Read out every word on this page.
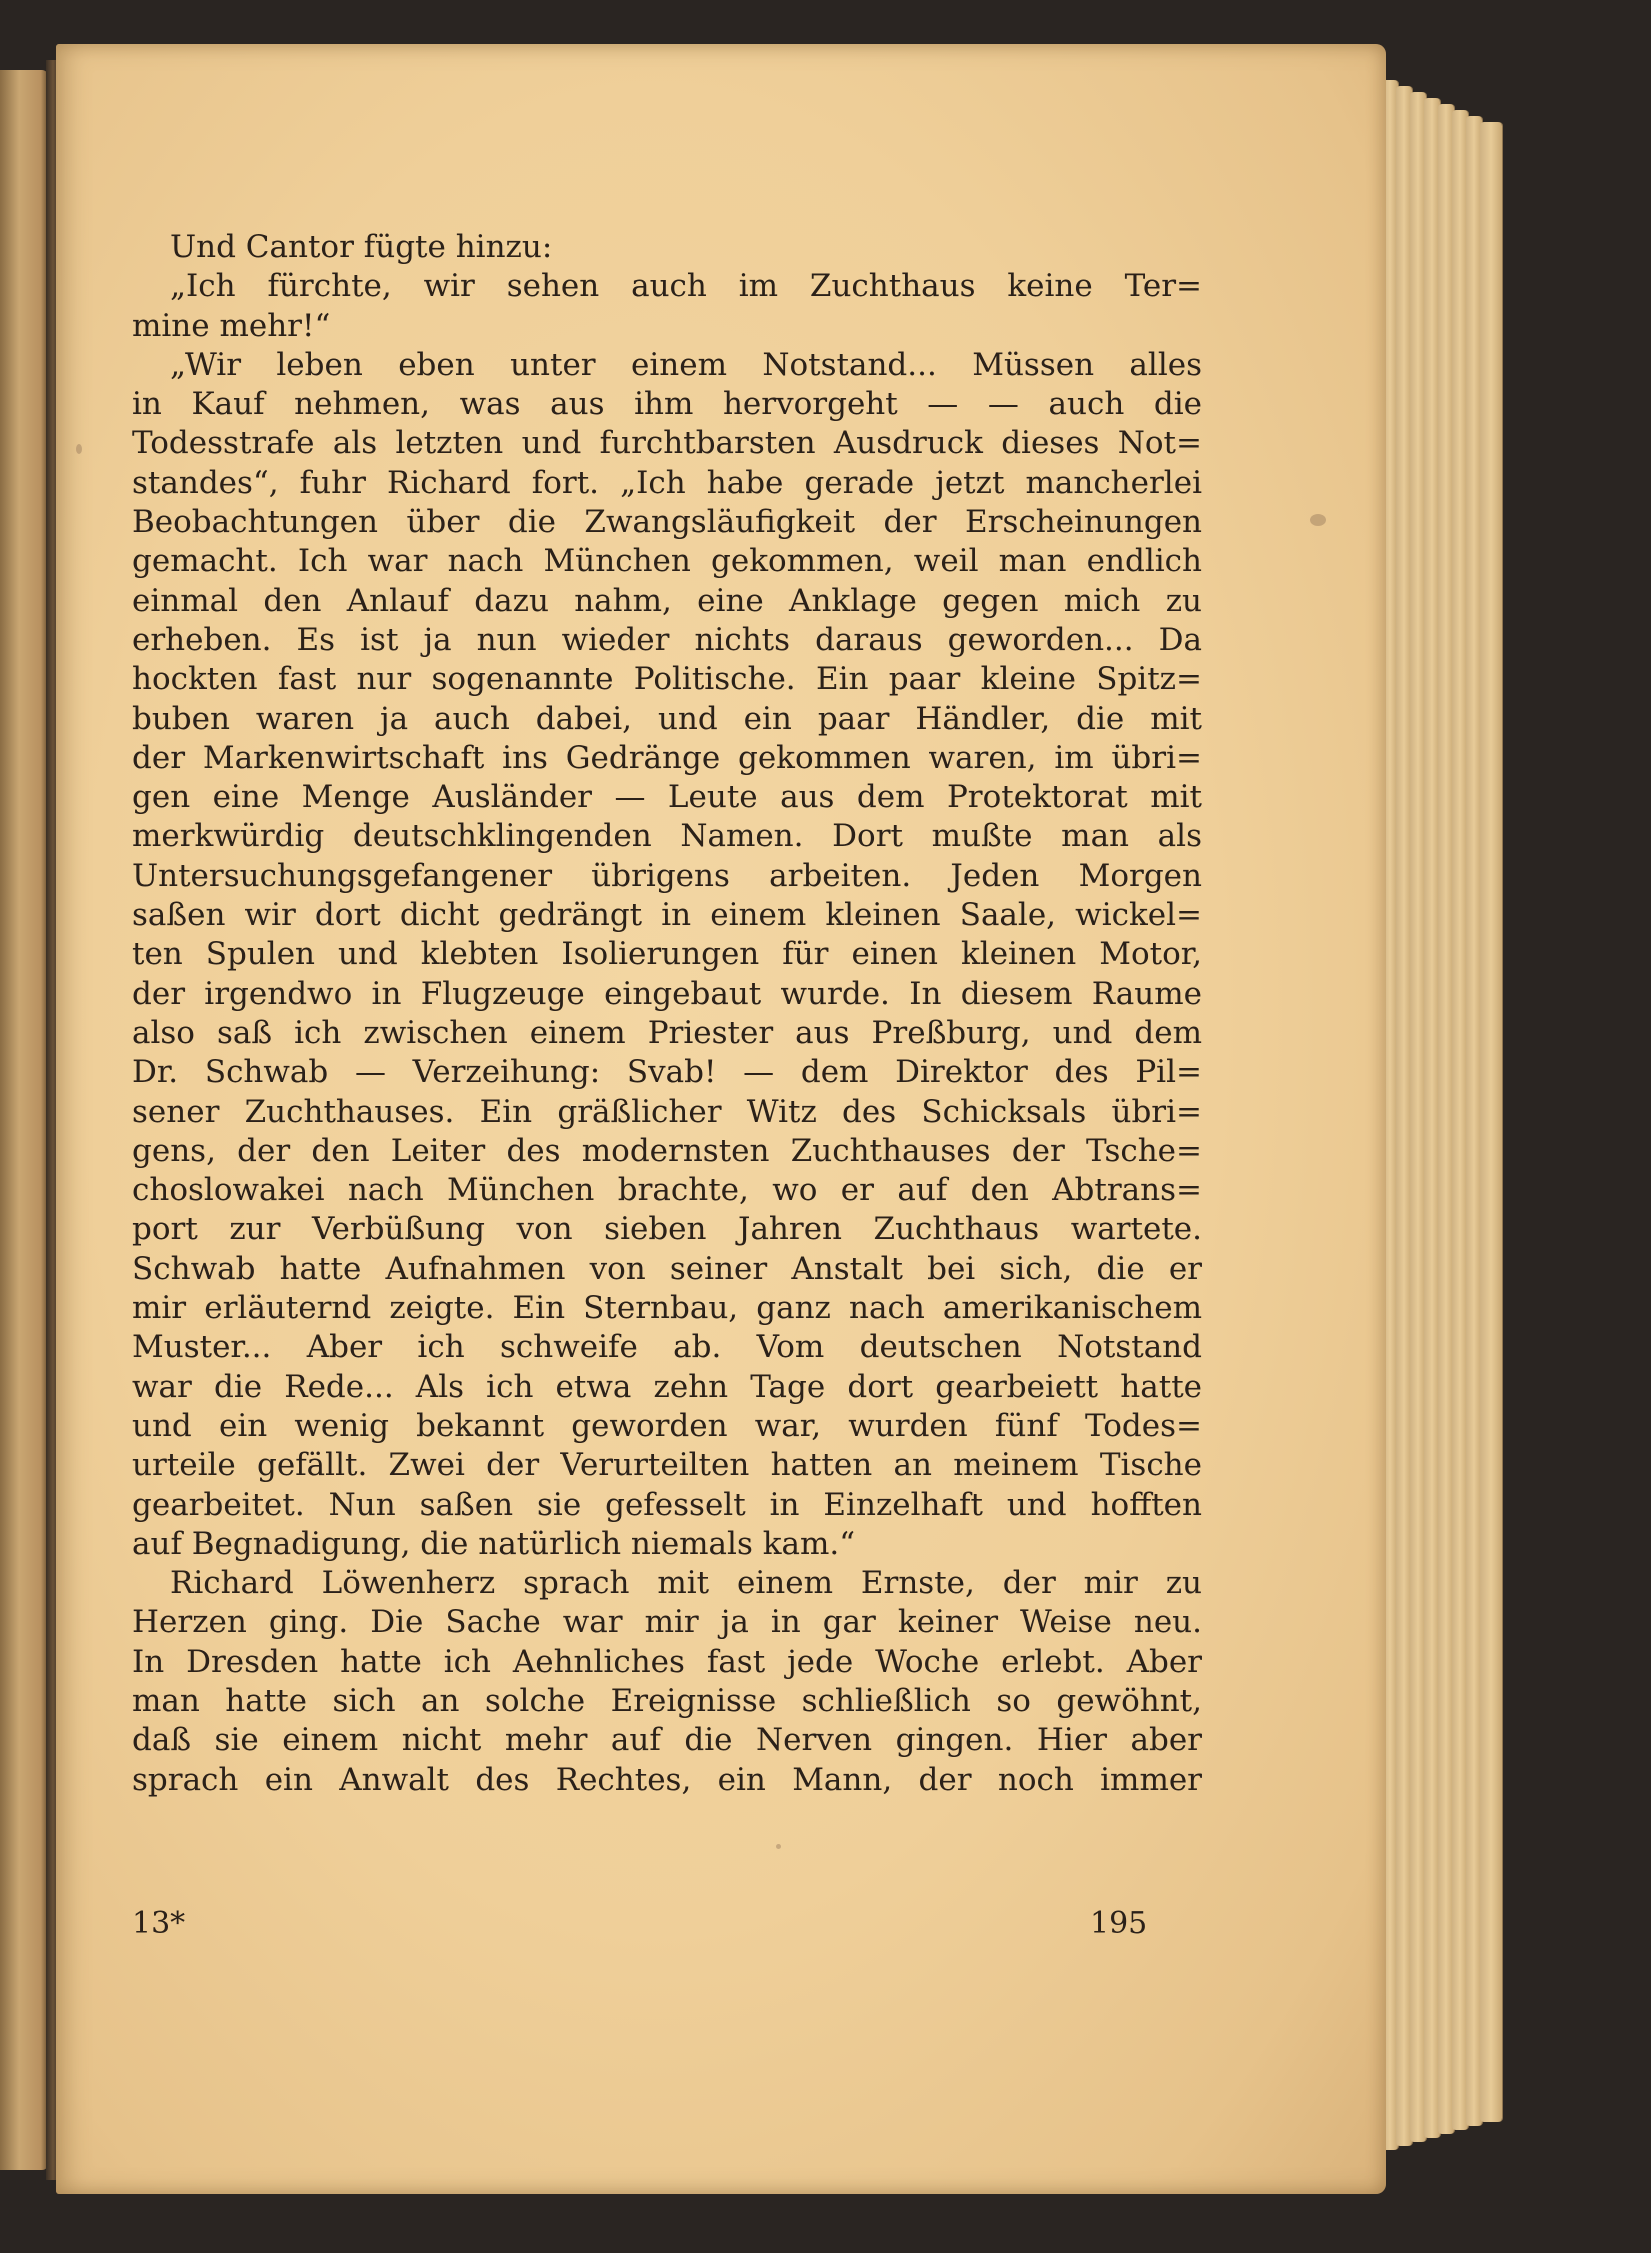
Und Cantor fügte hinzu:
„Ich fürchte, wir sehen auch im Zuchthaus keine Ter=
mine mehr!“
„Wir leben eben unter einem Notstand... Müssen alles
in Kauf nehmen, was aus ihm hervorgeht — — auch die
Todesstrafe als letzten und furchtbarsten Ausdruck dieses Not=
standes“, fuhr Richard fort. „Ich habe gerade jetzt mancherlei
Beobachtungen über die Zwangsläufigkeit der Erscheinungen
gemacht. Ich war nach München gekommen, weil man endlich
einmal den Anlauf dazu nahm, eine Anklage gegen mich zu
erheben. Es ist ja nun wieder nichts daraus geworden... Da
hockten fast nur sogenannte Politische. Ein paar kleine Spitz=
buben waren ja auch dabei, und ein paar Händler, die mit
der Markenwirtschaft ins Gedränge gekommen waren, im übri=
gen eine Menge Ausländer — Leute aus dem Protektorat mit
merkwürdig deutschklingenden Namen. Dort mußte man als
Untersuchungsgefangener übrigens arbeiten. Jeden Morgen
saßen wir dort dicht gedrängt in einem kleinen Saale, wickel=
ten Spulen und klebten Isolierungen für einen kleinen Motor,
der irgendwo in Flugzeuge eingebaut wurde. In diesem Raume
also saß ich zwischen einem Priester aus Preßburg, und dem
Dr. Schwab — Verzeihung: Svab! — dem Direktor des Pil=
sener Zuchthauses. Ein gräßlicher Witz des Schicksals übri=
gens, der den Leiter des modernsten Zuchthauses der Tsche=
choslowakei nach München brachte, wo er auf den Abtrans=
port zur Verbüßung von sieben Jahren Zuchthaus wartete.
Schwab hatte Aufnahmen von seiner Anstalt bei sich, die er
mir erläuternd zeigte. Ein Sternbau, ganz nach amerikanischem
Muster... Aber ich schweife ab. Vom deutschen Notstand
war die Rede... Als ich etwa zehn Tage dort gearbeiett hatte
und ein wenig bekannt geworden war, wurden fünf Todes=
urteile gefällt. Zwei der Verurteilten hatten an meinem Tische
gearbeitet. Nun saßen sie gefesselt in Einzelhaft und hofften
auf Begnadigung, die natürlich niemals kam.“
Richard Löwenherz sprach mit einem Ernste, der mir zu
Herzen ging. Die Sache war mir ja in gar keiner Weise neu.
In Dresden hatte ich Aehnliches fast jede Woche erlebt. Aber
man hatte sich an solche Ereignisse schließlich so gewöhnt,
daß sie einem nicht mehr auf die Nerven gingen. Hier aber
sprach ein Anwalt des Rechtes, ein Mann, der noch immer
13*	195
